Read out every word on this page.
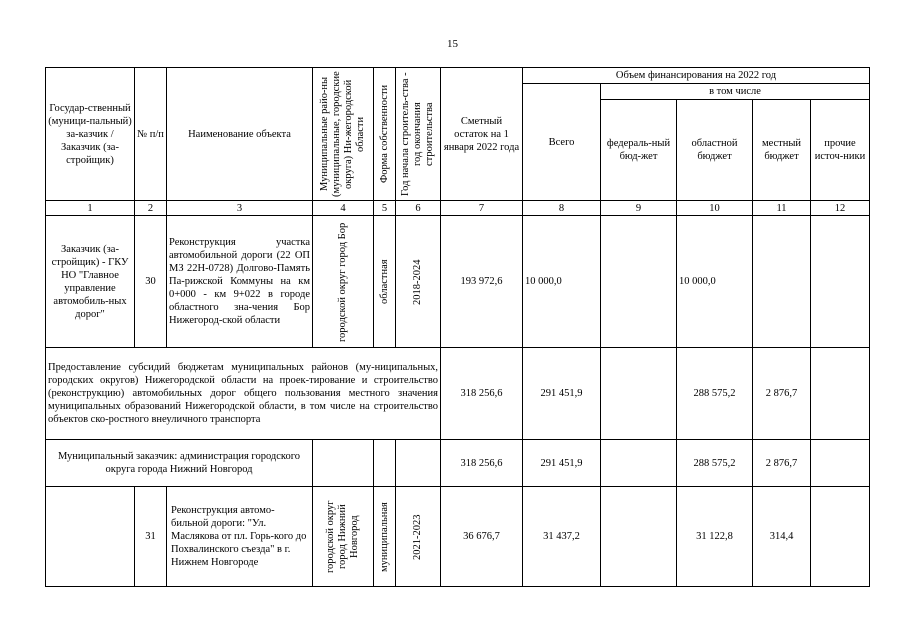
15
Государ-ственный (муници-пальный) за-казчик / Заказчик (за-стройщик)	№ п/п	Наименование объекта	Муниципальные райо-ны (муниципальные, городские округа) Ни-жегородской области	Форма собственности	Год начала строитель-ства - год окончания строительства	Сметный остаток на 1 января 2022 года	Объем финансирования на 2022 год				
							Всего	в том числе			
								федераль-ный бюд-жет	областной бюджет	местный бюджет	прочие источ-ники
1	2	3	4	5	6	7	8	9	10	11	12
Заказчик (за-стройщик) - ГКУ НО "Главное управление автомобиль-ных дорог"	30	Реконструкция участка автомобильной дороги (22 ОП МЗ 22Н-0728) Долгово-Память Па-рижской Коммуны на км 0+000 - км 9+022 в городе областного зна-чения Бор Нижегород-ской области	городской округ город Бор	областная	2018-2024	193 972,6	10 000,0		10 000,0		
Предоставление субсидий бюджетам муниципальных районов (му-ниципальных, городских округов) Нижегородской области на проек-тирование и строительство (реконструкцию) автомобильных дорог общего пользования местного значения муниципальных образований Нижегородской области, в том числе на строительство объектов ско-ростного внеуличного транспорта						318 256,6	291 451,9		288 575,2	2 876,7	
Муниципальный заказчик: администрация городского округа города Нижний Новгород						318 256,6	291 451,9		288 575,2	2 876,7	
	31	Реконструкция автомо-бильной дороги: "Ул. Маслякова от пл. Горь-кого до Похвалинского съезда" в г. Нижнем Новгороде	городской округ город Нижний Новгород	муниципальная	2021-2023	36 676,7	31 437,2		31 122,8	314,4	
